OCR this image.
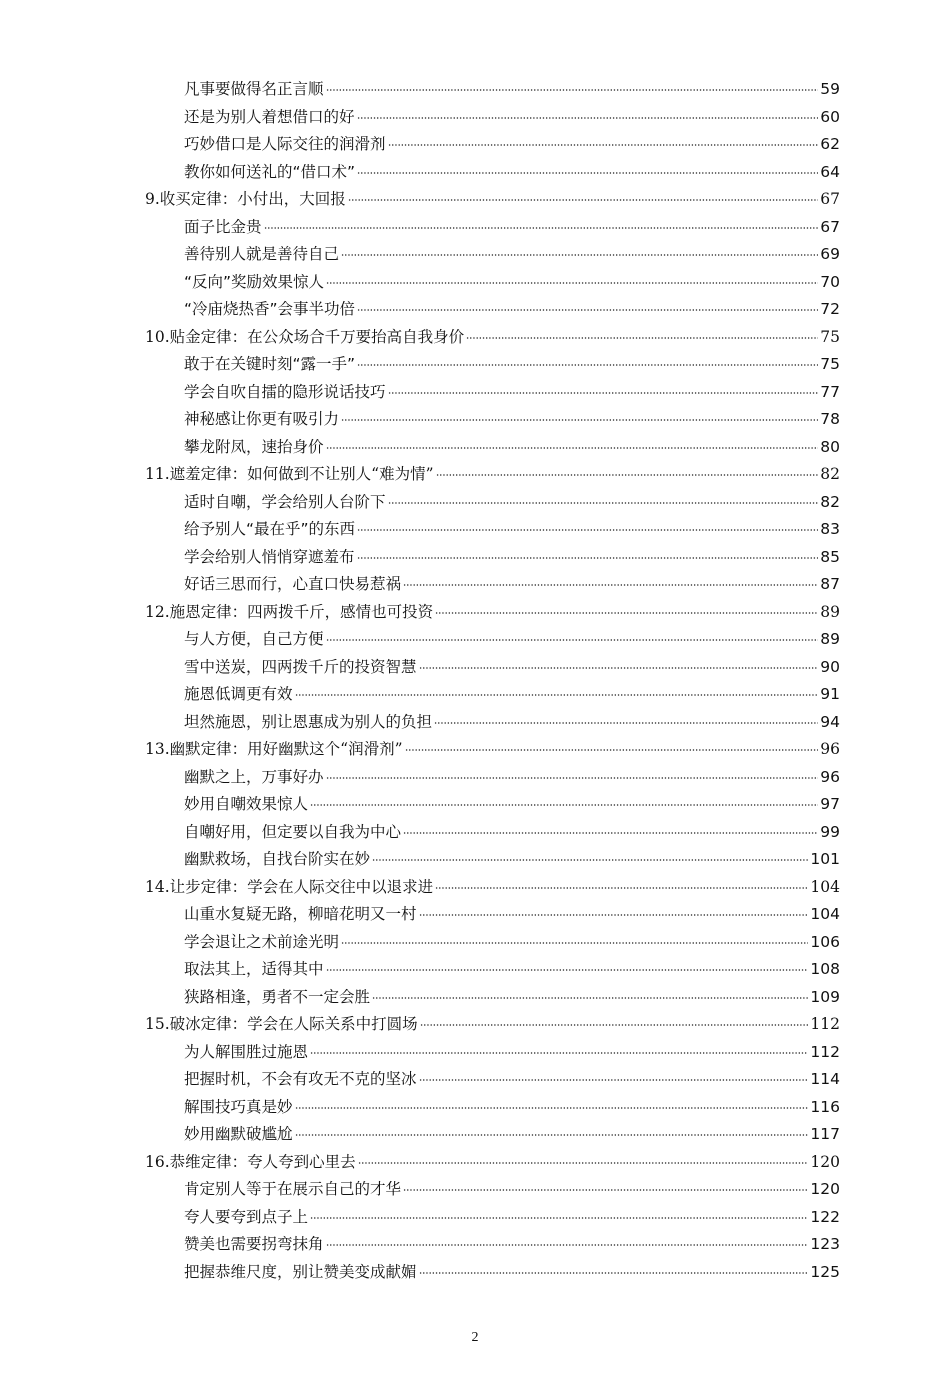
凡事要做得名正言顺	59
还是为别人着想借口的好	60
巧妙借口是人际交往的润滑剂	62
教你如何送礼的“借口术”	64
9.收买定律：小付出，大回报	67
面子比金贵	67
善待别人就是善待自己	69
“反向”奖励效果惊人	70
“冷庙烧热香”会事半功倍	72
10.贴金定律：在公众场合千万要抬高自我身价	75
敢于在关键时刻“露一手”	75
学会自吹自擂的隐形说话技巧	77
神秘感让你更有吸引力	78
攀龙附凤，速抬身价	80
11.遮羞定律：如何做到不让别人“难为情”	82
适时自嘲，学会给别人台阶下	82
给予别人“最在乎”的东西	83
学会给别人悄悄穿遮羞布	85
好话三思而行，心直口快易惹祸	87
12.施恩定律：四两拨千斤，感情也可投资	89
与人方便，自己方便	89
雪中送炭，四两拨千斤的投资智慧	90
施恩低调更有效	91
坦然施恩，别让恩惠成为别人的负担	94
13.幽默定律：用好幽默这个“润滑剂”	96
幽默之上，万事好办	96
妙用自嘲效果惊人	97
自嘲好用，但定要以自我为中心	99
幽默救场，自找台阶实在妙	101
14.让步定律：学会在人际交往中以退求进	104
山重水复疑无路，柳暗花明又一村	104
学会退让之术前途光明	106
取法其上，适得其中	108
狭路相逢，勇者不一定会胜	109
15.破冰定律：学会在人际关系中打圆场	112
为人解围胜过施恩	112
把握时机，不会有攻无不克的坚冰	114
解围技巧真是妙	116
妙用幽默破尴尬	117
16.恭维定律：夸人夸到心里去	120
肯定别人等于在展示自己的才华	120
夸人要夸到点子上	122
赞美也需要拐弯抹角	123
把握恭维尺度，别让赞美变成献媚	125
2
